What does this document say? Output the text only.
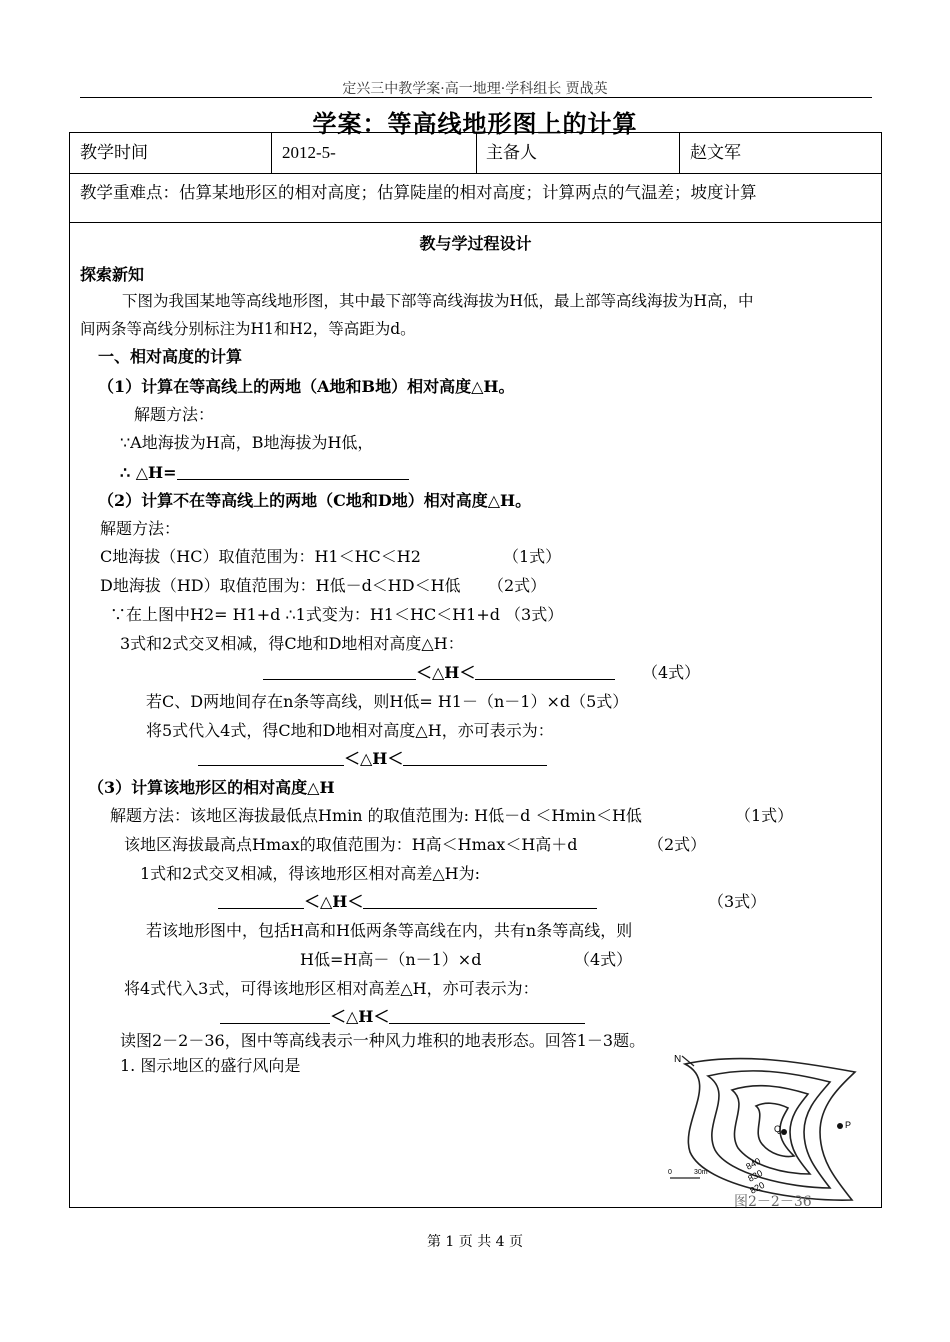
定兴三中教学案·高一地理·学科组长 贾战英
学案：等高线地形图上的计算
教学时间	2012-5-	主备人	赵文军
教学重难点：估算某地形区的相对高度；估算陡崖的相对高度；计算两点的气温差；坡度计算
教与学过程设计
探索新知
下图为我国某地等高线地形图，其中最下部等高线海拔为H低，最上部等高线海拔为H高，中
间两条等高线分别标注为H1和H2，等高距为d。
一、相对高度的计算
（1）计算在等高线上的两地（A地和B地）相对高度△H。
解题方法：
∵A地海拔为H高，B地海拔为H低，
∴ △H=
（2）计算不在等高线上的两地（C地和D地）相对高度△H。
解题方法：
C地海拔（HC）取值范围为：H1＜HC＜H2	（1式）
D地海拔（HD）取值范围为：H低－d＜HD＜H低 （2式）
∵在上图中H2= H1+d ∴1式变为：H1＜HC＜H1+d （3式）
3式和2式交叉相减，得C地和D地相对高度△H：
＜△H＜	（4式）
若C、D两地间存在n条等高线，则H低= H1－（n－1）×d（5式）
将5式代入4式，得C地和D地相对高度△H，亦可表示为：
＜△H＜
（3）计算该地形区的相对高度△H
解题方法：该地区海拔最低点Hmin 的取值范围为: H低－d ＜Hmin＜H低	（1式）
该地区海拔最高点Hmax的取值范围为：H高＜Hmax＜H高＋d	（2式）
1式和2式交叉相减，得该地形区相对高差△H为:
＜△H＜	（3式）
若该地形图中，包括H高和H低两条等高线在内，共有n条等高线，则
H低=H高－（n－1）×d	（4式）
将4式代入3式，可得该地形区相对高差△H，亦可表示为：
＜△H＜
读图2－2－36，图中等高线表示一种风力堆积的地表形态。回答1－3题。
1. 图示地区的盛行风向是	N
Q	P
840
830
820
0	30m
图2－2－36
第 1 页 共 4 页
